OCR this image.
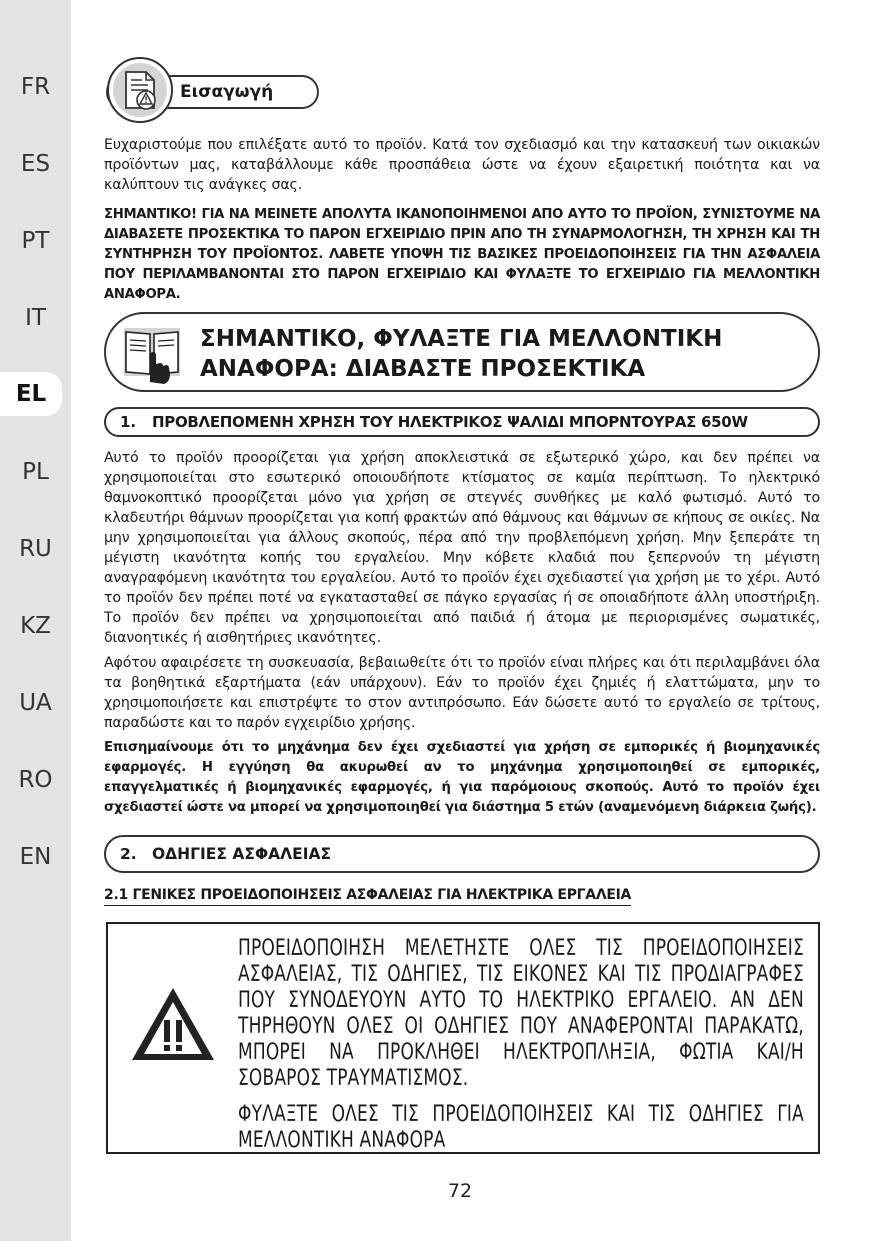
FR
ES
PT
IT
EL
PL
RU
KZ
UA
RO
EN
Εισαγωγή

Ευχαριστούμε που επιλέξατε αυτό το προϊόν. Κατά τον σχεδιασμό και την κατασκευή των οικιακών προϊόντων μας, καταβάλλουμε κάθε προσπάθεια ώστε να έχουν εξαιρετική ποιότητα και να καλύπτουν τις ανάγκες σας.

ΣΗΜΑΝΤΙΚΟ! ΓΙΑ ΝΑ ΜΕΙΝΕΤΕ ΑΠΟΛΥΤΑ ΙΚΑΝΟΠΟΙΗΜΕΝΟΙ ΑΠΟ ΑΥΤΟ ΤΟ ΠΡΟΪΟΝ, ΣΥΝΙΣΤΟΥΜΕ ΝΑ ΔΙΑΒΑΣΕΤΕ ΠΡΟΣΕΚΤΙΚΑ ΤΟ ΠΑΡΟΝ ΕΓΧΕΙΡΙΔΙΟ ΠΡΙΝ ΑΠΟ ΤΗ ΣΥΝΑΡΜΟΛΟΓΗΣΗ, ΤΗ ΧΡΗΣΗ ΚΑΙ ΤΗ ΣΥΝΤΗΡΗΣΗ ΤΟΥ ΠΡΟΪΟΝΤΟΣ. ΛΑΒΕΤΕ ΥΠΟΨΗ ΤΙΣ ΒΑΣΙΚΕΣ ΠΡΟΕΙΔΟΠΟΙΗΣΕΙΣ ΓΙΑ ΤΗΝ ΑΣΦΑΛΕΙΑ ΠΟΥ ΠΕΡΙΛΑΜΒΑΝΟΝΤΑΙ ΣΤΟ ΠΑΡΟΝ ΕΓΧΕΙΡΙΔΙΟ ΚΑΙ ΦΥΛΑΞΤΕ ΤΟ ΕΓΧΕΙΡΙΔΙΟ ΓΙΑ ΜΕΛΛΟΝΤΙΚΗ ΑΝΑΦΟΡΑ.

ΣΗΜΑΝΤΙΚΟ, ΦΥΛΑΞΤΕ ΓΙΑ ΜΕΛΛΟΝΤΙΚΗ
ΑΝΑΦΟΡΑ: ΔΙΑΒΑΣΤΕ ΠΡΟΣΕΚΤΙΚΑ
1.	ΠΡΟΒΛΕΠΟΜΕΝΗ ΧΡΗΣΗ ΤΟΥ ΗΛΕΚΤΡΙΚΟΣ ΨΑΛΙΔΙ ΜΠΟΡΝΤΟΥΡΑΣ 650W

Αυτό το προϊόν προορίζεται για χρήση αποκλειστικά σε εξωτερικό χώρο, και δεν πρέπει να χρησιμοποιείται στο εσωτερικό οποιουδήποτε κτίσματος σε καμία περίπτωση. Το ηλεκτρικό θαμνοκοπτικό προορίζεται μόνο για χρήση σε στεγνές συνθήκες με καλό φωτισμό. Αυτό το κλαδευτήρι θάμνων προορίζεται για κοπή φρακτών από θάμνους και θάμνων σε κήπους σε οικίες. Να μην χρησιμοποιείται για άλλους σκοπούς, πέρα από την προβλεπόμενη χρήση. Μην ξεπεράτε τη μέγιστη ικανότητα κοπής του εργαλείου. Μην κόβετε κλαδιά που ξεπερνούν τη μέγιστη αναγραφόμενη ικανότητα του εργαλείου. Αυτό το προϊόν έχει σχεδιαστεί για χρήση με το χέρι. Αυτό το προϊόν δεν πρέπει ποτέ να εγκατασταθεί σε πάγκο εργασίας ή σε οποιαδήποτε άλλη υποστήριξη. Το προϊόν δεν πρέπει να χρησιμοποιείται από παιδιά ή άτομα με περιορισμένες σωματικές, διανοητικές ή αισθητήριες ικανότητες.

Αφότου αφαιρέσετε τη συσκευασία, βεβαιωθείτε ότι το προϊόν είναι πλήρες και ότι περιλαμβάνει όλα τα βοηθητικά εξαρτήματα (εάν υπάρχουν). Εάν το προϊόν έχει ζημιές ή ελαττώματα, μην το χρησιμοποιήσετε και επιστρέψτε το στον αντιπρόσωπο. Εάν δώσετε αυτό το εργαλείο σε τρίτους, παραδώστε και το παρόν εγχειρίδιο χρήσης.

Επισημαίνουμε ότι το μηχάνημα δεν έχει σχεδιαστεί για χρήση σε εμπορικές ή βιομηχανικές εφαρμογές. Η εγγύηση θα ακυρωθεί αν το μηχάνημα χρησιμοποιηθεί σε εμπορικές, επαγγελματικές ή βιομηχανικές εφαρμογές, ή για παρόμοιους σκοπούς. Αυτό το προϊόν έχει σχεδιαστεί ώστε να μπορεί να χρησιμοποιηθεί για διάστημα 5 ετών (αναμενόμενη διάρκεια ζωής).

2. ΟΔΗΓΙΕΣ ΑΣΦΑΛΕΙΑΣ
2.1 ΓΕΝΙΚΕΣ ΠΡΟΕΙΔΟΠΟΙΗΣΕΙΣ ΑΣΦΑΛΕΙΑΣ ΓΙΑ ΗΛΕΚΤΡΙΚΑ ΕΡΓΑΛΕΙΑ
ΠΡΟΕΙΔΟΠΟΙΗΣΗ ΜΕΛΕΤΗΣΤΕ ΟΛΕΣ ΤΙΣ ΠΡΟΕΙΔΟΠΟΙΗΣΕΙΣ ΑΣΦΑΛΕΙΑΣ, ΤΙΣ ΟΔΗΓΙΕΣ, ΤΙΣ ΕΙΚΟΝΕΣ ΚΑΙ ΤΙΣ ΠΡΟΔΙΑΓΡΑΦΕΣ ΠΟΥ ΣΥΝΟΔΕΥΟΥΝ ΑΥΤΟ ΤΟ ΗΛΕΚΤΡΙΚΟ ΕΡΓΑΛΕΙΟ. ΑΝ ΔΕΝ ΤΗΡΗΘΟΥΝ ΟΛΕΣ ΟΙ ΟΔΗΓΙΕΣ ΠΟΥ ΑΝΑΦΕΡΟΝΤΑΙ ΠΑΡΑΚΑΤΩ, ΜΠΟΡΕΙ ΝΑ ΠΡΟΚΛΗΘΕΙ ΗΛΕΚΤΡΟΠΛΗΞΙΑ, ΦΩΤΙΑ ΚΑΙ/Η ΣΟΒΑΡΟΣ ΤΡΑΥΜΑΤΙΣΜΟΣ.
ΦΥΛΑΞΤΕ ΟΛΕΣ ΤΙΣ ΠΡΟΕΙΔΟΠΟΙΗΣΕΙΣ ΚΑΙ ΤΙΣ ΟΔΗΓΙΕΣ ΓΙΑ ΜΕΛΛΟΝΤΙΚΗ ΑΝΑΦΟΡΑ
72
